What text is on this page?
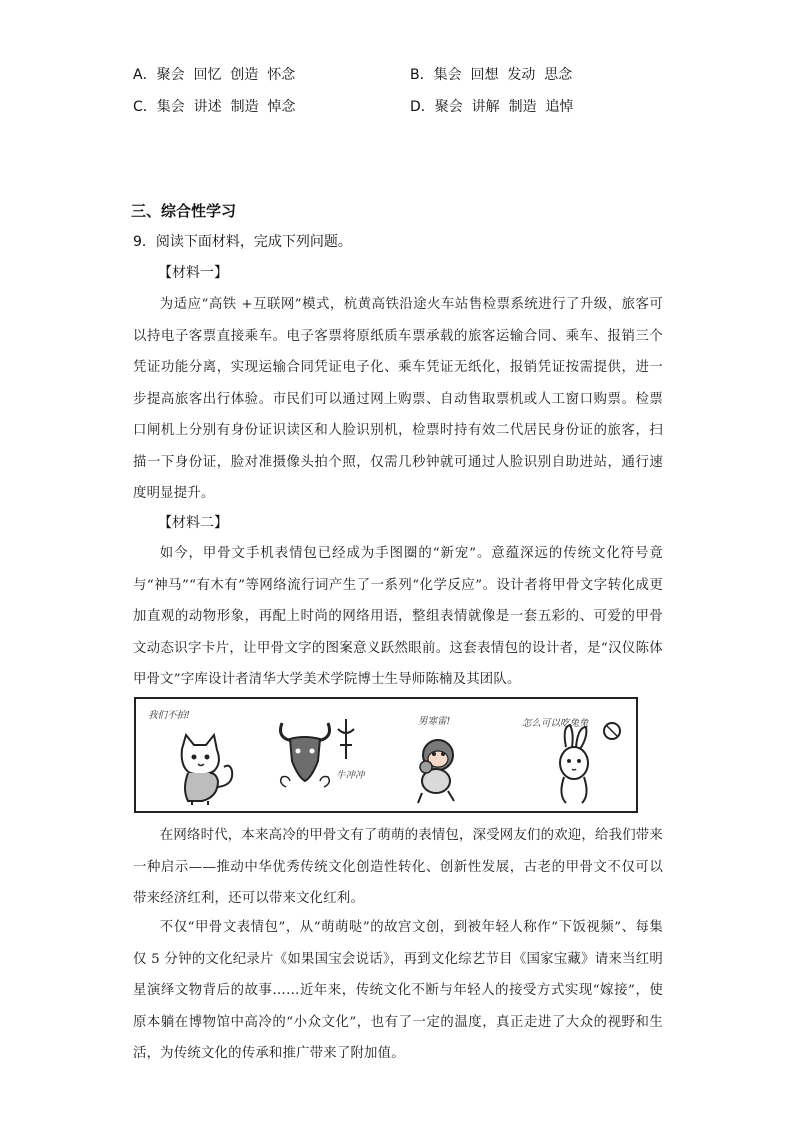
A．聚会  回忆  创造  怀念	B．集会  回想  发动  思念
C．集会  讲述  制造  悼念	D．聚会  讲解  制造  追悼
三、综合性学习
9．阅读下面材料，完成下列问题。
【材料一】

为适应“高铁 +互联网”模式，杭黄高铁沿途火车站售检票系统进行了升级，旅客可以持电子客票直接乘车。电子客票将原纸质车票承载的旅客运输合同、乘车、报销三个凭证功能分离，实现运输合同凭证电子化、乘车凭证无纸化，报销凭证按需提供，进一步提高旅客出行体验。市民们可以通过网上购票、自动售取票机或人工窗口购票。检票口闸机上分别有身份证识读区和人脸识别机，检票时持有效二代居民身份证的旅客，扫描一下身份证，脸对准摄像头拍个照，仅需几秒钟就可通过人脸识别自助进站，通行速度明显提升。

【材料二】

如今，甲骨文手机表情包已经成为手图圈的“新宠”。意蕴深远的传统文化符号竟与“神马”“有木有”等网络流行词产生了一系列“化学反应”。设计者将甲骨文字转化成更加直观的动物形象，再配上时尚的网络用语，整组表情就像是一套五彩的、可爱的甲骨文动态识字卡片，让甲骨文字的图案意义跃然眼前。这套表情包的设计者，是“汉仪陈体甲骨文”字库设计者清华大学美术学院博士生导师陈楠及其团队。

我们不拍!
牛冲冲
男寒雷!	怎么可以吃兔兔

在网络时代，本来高冷的甲骨文有了萌萌的表情包，深受网友们的欢迎，给我们带来一种启示——推动中华优秀传统文化创造性转化、创新性发展，古老的甲骨文不仅可以带来经济红利，还可以带来文化红利。

不仅“甲骨文表情包”，从“萌萌哒”的故宫文创，到被年轻人称作“下饭视频”、每集仅 5 分钟的文化纪录片《如果国宝会说话》，再到文化综艺节目《国家宝藏》请来当红明星演绎文物背后的故事……近年来，传统文化不断与年轻人的接受方式实现“嫁接”，使原本躺在博物馆中高冷的“小众文化”，也有了一定的温度，真正走进了大众的视野和生活，为传统文化的传承和推广带来了附加值。
